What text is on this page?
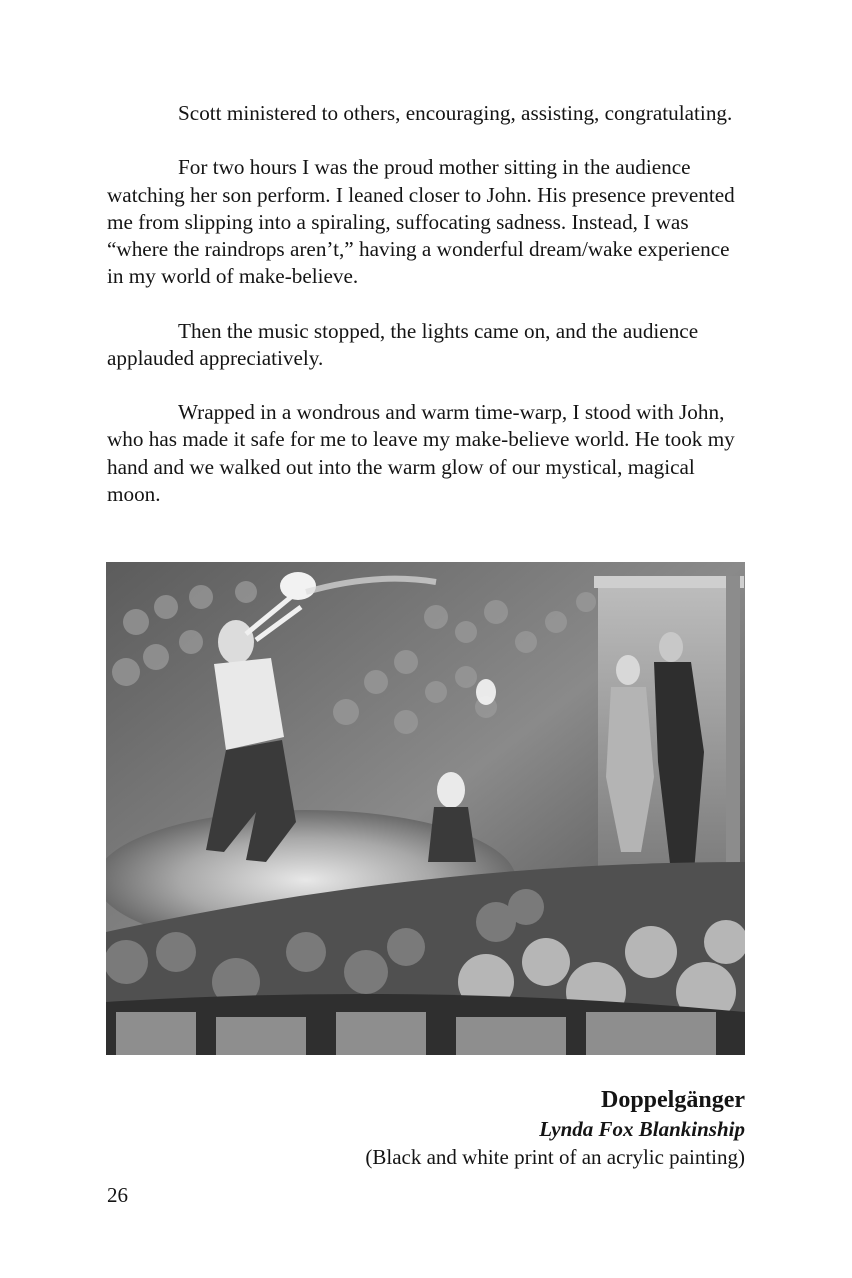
Scott ministered to others, encouraging, assisting, congratulating.

For two hours I was the proud mother sitting in the audience watching her son perform. I leaned closer to John. His presence prevented me from slipping into a spiraling, suffocating sadness. Instead, I was “where the raindrops aren’t,” having a wonderful dream/wake experience in my world of make-believe.

Then the music stopped, the lights came on, and the audience applauded appreciatively.

Wrapped in a wondrous and warm time-warp, I stood with John, who has made it safe for me to leave my make-believe world. He took my hand and we walked out into the warm glow of our mystical, magical moon.

Doppelgänger
Lynda Fox Blankinship
(Black and white print of an acrylic painting)
26
